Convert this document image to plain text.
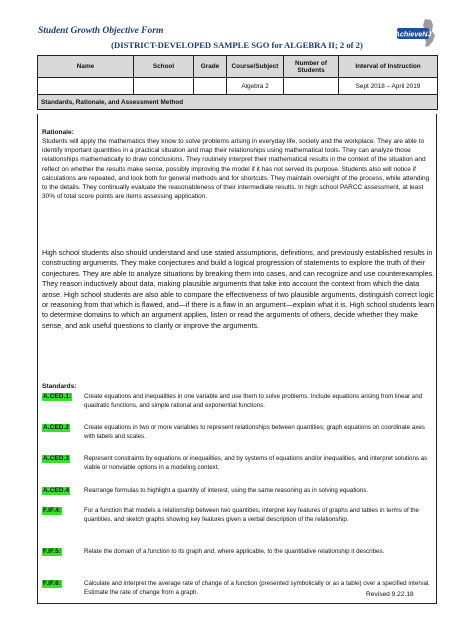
Student Growth Objective Form
(DISTRICT-DEVELOPED SAMPLE SGO for ALGEBRA II; 2 of 2)
AchieveNJ
Name	School	Grade	Course/Subject	Number of Students	Interval of Instruction
			Algebra 2		Sept 2018 – April 2019
Standards, Rationale, and Assessment Method					
Rationale:
Students will apply the mathematics they know to solve problems arising in everyday life, society and the workplace. They are able to identify important quantities in a practical situation and map their relationships using mathematical tools. They can analyze those relationships mathematically to draw conclusions. They routinely interpret their mathematical results in the context of the situation and reflect on whether the results make sense, possibly improving the model if it has not served its purpose. Students also will notice if calculations are repeated, and look both for general methods and for shortcuts. They maintain oversight of the process, while attending to the details. They continually evaluate the reasonableness of their intermediate results. In high school PARCC assessment, at least 30% of total score points are items assessing application.
High school students also should understand and use stated assumptions, definitions, and previously established results in constructing arguments. They make conjectures and build a logical progression of statements to explore the truth of their conjectures. They are able to analyze situations by breaking them into cases, and can recognize and use counterexamples. They reason inductively about data, making plausible arguments that take into account the context from which the data arose. High school students are also able to compare the effectiveness of two plausible arguments, distinguish correct logic or reasoning from that which is flawed, and—if there is a flaw in an argument—explain what it is. High school students learn to determine domains to which an argument applies, listen or read the arguments of others, decide whether they make sense, and ask useful questions to clarify or improve the arguments.
Standards:
A.CED.1: Create equations and inequalities in one variable and use them to solve problems. Include equations arising from linear and quadratic functions, and simple rational and exponential functions.
A.CED.2 Create equations in two or more variables to represent relationships between quantities; graph equations on coordinate axes with labels and scales.
A.CED.3 Represent constraints by equations or inequalities, and by systems of equations and/or inequalities, and interpret solutions as viable or nonviable options in a modeling context.
A.CED.4 Rearrange formulas to highlight a quantity of interest, using the same reasoning as in solving equations.
F.IF.4:	For a function that models a relationship between two quantities, interpret key features of graphs and tables in terms of the quantities, and sketch graphs showing key features given a verbal description of the relationship.
F.IF.5:	Relate the domain of a function to its graph and, where applicable, to the quantitative relationship it describes.
F.IF.6:	Calculate and interpret the average rate of change of a function (presented symbolically or as a table) over a specified interval. Estimate the rate of change from a graph.	Revised 9.22.18
